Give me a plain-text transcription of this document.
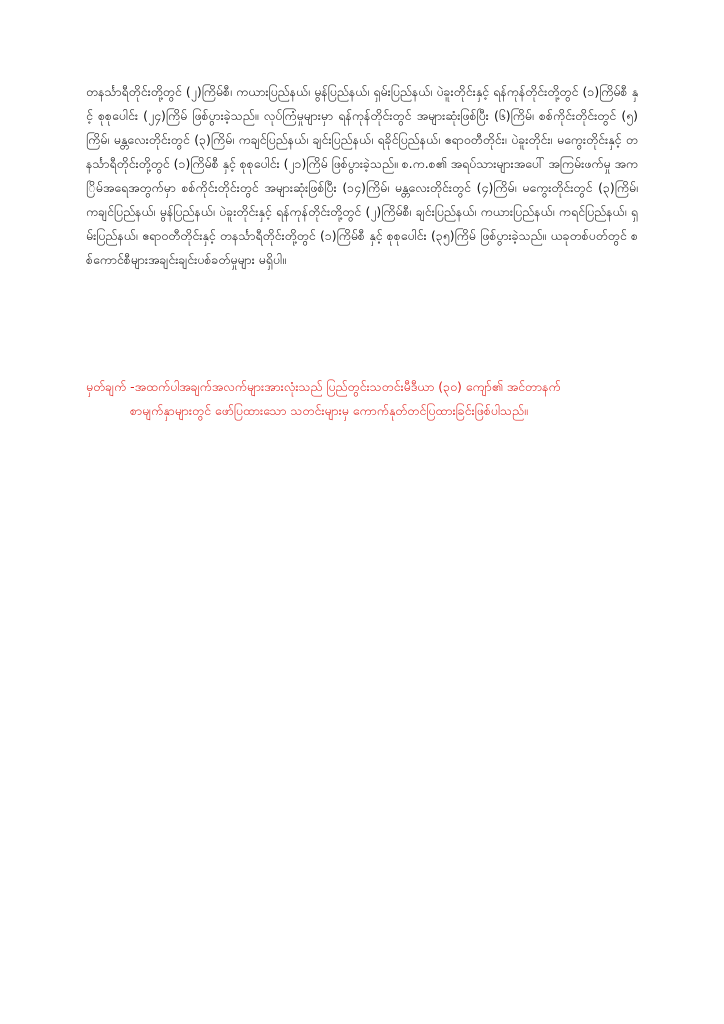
တနင်္သာရီတိုင်းတို့တွင် (၂)ကြိမ်စီ၊ ကယားပြည်နယ်၊ မွန်ပြည်နယ်၊ ရှမ်းပြည်နယ်၊ ပဲခူးတိုင်းနှင့် ရန်ကုန်တိုင်းတို့တွင် (၁)ကြိမ်စီ နှင့် စုစုပေါင်း (၂၄)ကြိမ် ဖြစ်ပွားခဲ့သည်။ လုပ်ကြံမှုများမှာ ရန်ကုန်တိုင်းတွင် အများဆုံးဖြစ်ပြီး (၆)ကြိမ်၊ စစ်ကိုင်းတိုင်းတွင် (၅)ကြိမ်၊ မန္တလေးတိုင်းတွင် (၃)ကြိမ်၊ ကချင်ပြည်နယ်၊ ချင်းပြည်နယ်၊ ရခိုင်ပြည်နယ်၊ ဧရာဝတီတိုင်း၊ ပဲခူးတိုင်း၊ မကွေးတိုင်းနှင့် တနင်္သာရီတိုင်းတို့တွင် (၁)ကြိမ်စီ နှင့် စုစုပေါင်း (၂၁)ကြိမ် ဖြစ်ပွားခဲ့သည်။ စ.က.စ၏ အရပ်သားများအပေါ် အကြမ်းဖက်မှု အကြိမ်အရေအတွက်မှာ စစ်ကိုင်းတိုင်းတွင် အများဆုံးဖြစ်ပြီး (၁၄)ကြိမ်၊ မန္တလေးတိုင်းတွင် (၄)ကြိမ်၊ မကွေးတိုင်းတွင် (၃)ကြိမ်၊ ကချင်ပြည်နယ်၊ မွန်ပြည်နယ်၊ ပဲခူးတိုင်းနှင့် ရန်ကုန်တိုင်းတို့တွင် (၂)ကြိမ်စီ၊ ချင်းပြည်နယ်၊ ကယားပြည်နယ်၊ ကရင်ပြည်နယ်၊ ရှမ်းပြည်နယ်၊ ဧရာဝတီတိုင်းနှင့် တနင်္သာရီတိုင်းတို့တွင် (၁)ကြိမ်စီ နှင့် စုစုပေါင်း (၃၅)ကြိမ် ဖြစ်ပွားခဲ့သည်။ ယခုတစ်ပတ်တွင် စစ်ကောင်စီများအချင်းချင်းပစ်ခတ်မှုများ မရှိပါ။

မှတ်ချက် -အထက်ပါအချက်အလက်များအားလုံးသည် ပြည်တွင်းသတင်းမီဒီယာ (၃၀) ကျော်၏ အင်တာနက်
စာမျက်နှာများတွင် ဖော်ပြထားသော သတင်းများမှ ကောက်နုတ်တင်ပြထားခြင်းဖြစ်ပါသည်။
